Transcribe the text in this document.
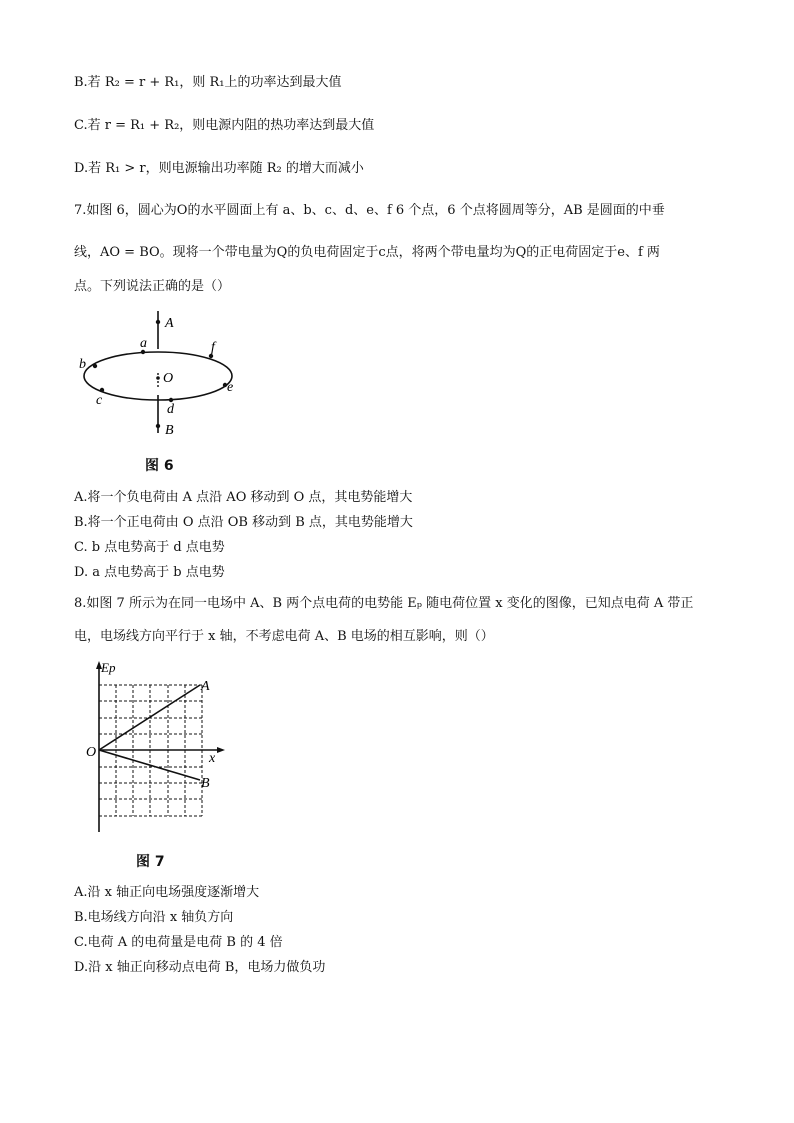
B.若 R₂ = r + R₁，则 R₁上的功率达到最大值
C.若 r = R₁ + R₂，则电源内阻的热功率达到最大值
D.若 R₁ > r，则电源输出功率随 R₂ 的增大而减小
7.如图 6，圆心为O的水平圆面上有 a、b、c、d、e、f 6 个点，6 个点将圆周等分，AB 是圆面的中垂
线，AO = BO。现将一个带电量为Q的负电荷固定于c点，将两个带电量均为Q的正电荷固定于e、f 两
点。下列说法正确的是（）
A
B
O
a
b
c
d
e
f
图 6
A.将一个负电荷由 A 点沿 AO 移动到 O 点，其电势能增大
B.将一个正电荷由 O 点沿 OB 移动到 B 点，其电势能增大
C. b 点电势高于 d 点电势
D. a 点电势高于 b 点电势
8.如图 7 所示为在同一电场中 A、B 两个点电荷的电势能 Eₚ 随电荷位置 x 变化的图像，已知点电荷 A 带正
电，电场线方向平行于 x 轴，不考虑电荷 A、B 电场的相互影响，则（）
Ep
x
O
A
B
图 7
A.沿 x 轴正向电场强度逐渐增大
B.电场线方向沿 x 轴负方向
C.电荷 A 的电荷量是电荷 B 的 4 倍
D.沿 x 轴正向移动点电荷 B，电场力做负功
